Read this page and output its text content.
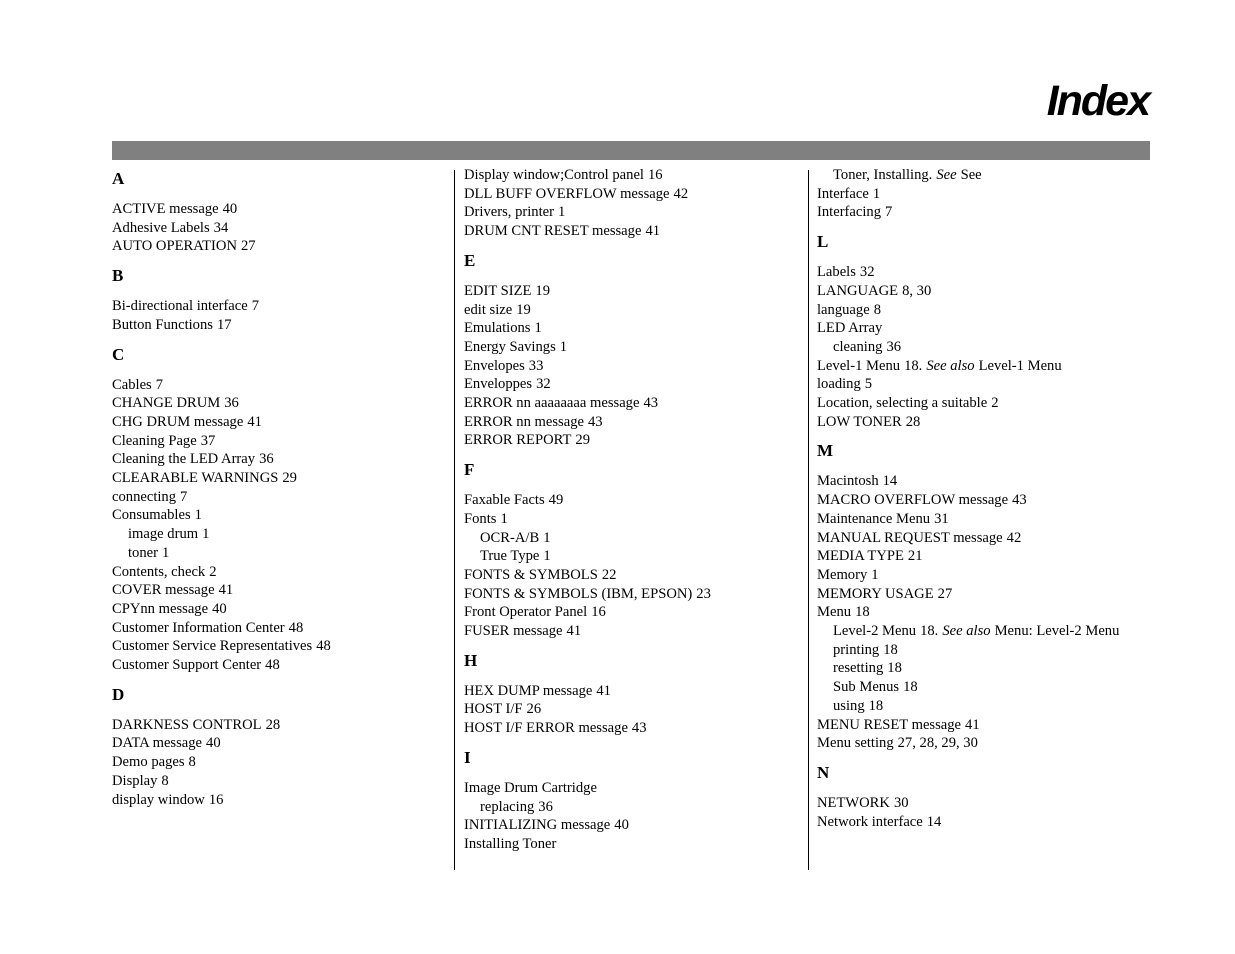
Index
A
ACTIVE message 40
Adhesive Labels 34
AUTO OPERATION 27
B
Bi-directional interface 7
Button Functions 17
C
Cables 7
CHANGE DRUM 36
CHG DRUM message 41
Cleaning Page 37
Cleaning the LED Array 36
CLEARABLE WARNINGS 29
connecting 7
Consumables 1
image drum 1
toner 1
Contents, check 2
COVER message 41
CPYnn message 40
Customer Information Center 48
Customer Service Representatives 48
Customer Support Center 48
D
DARKNESS CONTROL 28
DATA message 40
Demo pages 8
Display 8
display window 16
Display window;Control panel 16
DLL BUFF OVERFLOW message 42
Drivers, printer 1
DRUM CNT RESET message 41
E
EDIT SIZE 19
edit size 19
Emulations 1
Energy Savings 1
Envelopes 33
Enveloppes 32
ERROR nn aaaaaaaa message 43
ERROR nn message 43
ERROR REPORT 29
F
Faxable Facts 49
Fonts 1
OCR-A/B 1
True Type 1
FONTS & SYMBOLS 22
FONTS & SYMBOLS (IBM, EPSON) 23
Front Operator Panel 16
FUSER message 41
H
HEX DUMP message 41
HOST I/F 26
HOST I/F ERROR message 43
I
Image Drum Cartridge
replacing 36
INITIALIZING message 40
Installing Toner
Toner, Installing. See See
Interface 1
Interfacing 7
L
Labels 32
LANGUAGE 8, 30
language 8
LED Array
cleaning 36
Level-1 Menu 18. See also Level-1 Menu
loading 5
Location, selecting a suitable 2
LOW TONER 28
M
Macintosh 14
MACRO OVERFLOW message 43
Maintenance Menu 31
MANUAL REQUEST message 42
MEDIA TYPE 21
Memory 1
MEMORY USAGE 27
Menu 18
Level-2 Menu 18. See also Menu: Level-2 Menu
printing 18
resetting 18
Sub Menus 18
using 18
MENU RESET message 41
Menu setting 27, 28, 29, 30
N
NETWORK 30
Network interface 14
